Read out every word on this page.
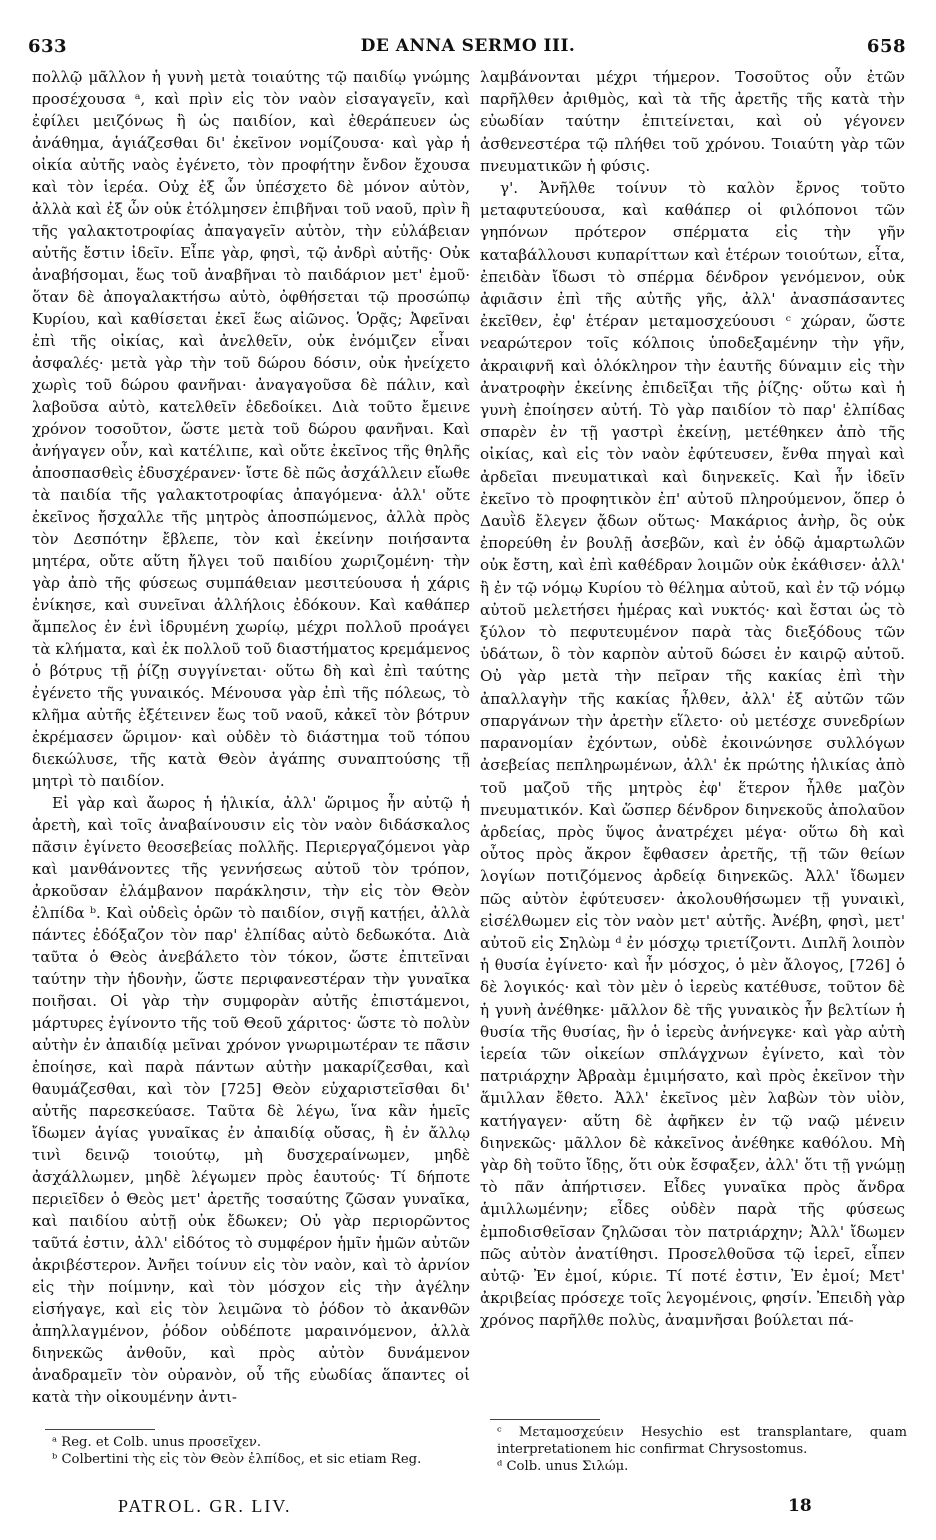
633	DE ANNA SERMO III.	658

πολλῷ μᾶλλον ἡ γυνὴ μετὰ τοιαύτης τῷ παιδίῳ γνώμης προσέχουσα ᵃ, καὶ πρὶν εἰς τὸν ναὸν εἰσαγαγεῖν, καὶ ἐφίλει μειζόνως ἢ ὡς παιδίον, καὶ ἐθεράπευεν ὡς ἀνάθημα, ἁγιάζεσθαι δι' ἐκεῖνον νομίζουσα· καὶ γὰρ ἡ οἰκία αὐτῆς ναὸς ἐγένετο, τὸν προφήτην ἔνδον ἔχουσα καὶ τὸν ἱερέα. Οὐχ ἐξ ὧν ὑπέσχετο δὲ μόνον αὐτὸν, ἀλλὰ καὶ ἐξ ὧν οὐκ ἐτόλμησεν ἐπιβῆναι τοῦ ναοῦ, πρὶν ἢ τῆς γαλακτοτροφίας ἀπαγαγεῖν αὐτὸν, τὴν εὐλάβειαν αὐτῆς ἔστιν ἰδεῖν. Εἶπε γὰρ, φησὶ, τῷ ἀνδρὶ αὐτῆς· Οὐκ ἀναβήσομαι, ἕως τοῦ ἀναβῆναι τὸ παιδάριον μετ' ἐμοῦ· ὅταν δὲ ἀπογαλακτήσω αὐτὸ, ὀφθήσεται τῷ προσώπῳ Κυρίου, καὶ καθίσεται ἐκεῖ ἕως αἰῶνος. Ὁρᾷς; Ἀφεῖναι ἐπὶ τῆς οἰκίας, καὶ ἀνελθεῖν, οὐκ ἐνόμιζεν εἶναι ἀσφαλές· μετὰ γὰρ τὴν τοῦ δώρου δόσιν, οὐκ ἠνείχετο χωρὶς τοῦ δώρου φανῆναι· ἀναγαγοῦσα δὲ πάλιν, καὶ λαβοῦσα αὐτὸ, κατελθεῖν ἐδεδοίκει. Διὰ τοῦτο ἔμεινε χρόνον τοσοῦτον, ὥστε μετὰ τοῦ δώρου φανῆναι. Καὶ ἀνήγαγεν οὖν, καὶ κατέλιπε, καὶ οὔτε ἐκεῖνος τῆς θηλῆς ἀποσπασθεὶς ἐδυσχέρανεν· ἴστε δὲ πῶς ἀσχάλλειν εἴωθε τὰ παιδία τῆς γαλακτοτροφίας ἀπαγόμενα· ἀλλ' οὔτε ἐκεῖνος ἤσχαλλε τῆς μητρὸς ἀποσπώμενος, ἀλλὰ πρὸς τὸν Δεσπότην ἔβλεπε, τὸν καὶ ἐκείνην ποιήσαντα μητέρα, οὔτε αὕτη ἤλγει τοῦ παιδίου χωριζομένη· τὴν γὰρ ἀπὸ τῆς φύσεως συμπάθειαν μεσιτεύουσα ἡ χάρις ἐνίκησε, καὶ συνεῖναι ἀλλήλοις ἐδόκουν. Καὶ καθάπερ ἄμπελος ἐν ἑνὶ ἱδρυμένη χωρίῳ, μέχρι πολλοῦ προάγει τὰ κλήματα, καὶ ἐκ πολλοῦ τοῦ διαστήματος κρεμάμενος ὁ βότρυς τῇ ῥίζῃ συγγίνεται· οὕτω δὴ καὶ ἐπὶ ταύτης ἐγένετο τῆς γυναικός. Μένουσα γὰρ ἐπὶ τῆς πόλεως, τὸ κλῆμα αὐτῆς ἐξέτεινεν ἕως τοῦ ναοῦ, κἀκεῖ τὸν βότρυν ἐκρέμασεν ὥριμον· καὶ οὐδὲν τὸ διάστημα τοῦ τόπου διεκώλυσε, τῆς κατὰ Θεὸν ἀγάπης συναπτούσης τῇ μητρὶ τὸ παιδίον.

Εἰ γὰρ καὶ ἄωρος ἡ ἡλικία, ἀλλ' ὥριμος ἦν αὐτῷ ἡ ἀρετὴ, καὶ τοῖς ἀναβαίνουσιν εἰς τὸν ναὸν διδάσκαλος πᾶσιν ἐγίνετο θεοσεβείας πολλῆς. Περιεργαζόμενοι γὰρ καὶ μανθάνοντες τῆς γεννήσεως αὐτοῦ τὸν τρόπον, ἀρκοῦσαν ἐλάμβανον παράκλησιν, τὴν εἰς τὸν Θεὸν ἐλπίδα ᵇ. Καὶ οὐδεὶς ὁρῶν τὸ παιδίον, σιγῇ κατῄει, ἀλλὰ πάντες ἐδόξαζον τὸν παρ' ἐλπίδας αὐτὸ δεδωκότα. Διὰ ταῦτα ὁ Θεὸς ἀνεβάλετο τὸν τόκον, ὥστε ἐπιτεῖναι ταύτην τὴν ἡδονὴν, ὥστε περιφανεστέραν τὴν γυναῖκα ποιῆσαι. Οἱ γὰρ τὴν συμφορὰν αὐτῆς ἐπιστάμενοι, μάρτυρες ἐγίνοντο τῆς τοῦ Θεοῦ χάριτος· ὥστε τὸ πολὺν αὐτὴν ἐν ἀπαιδίᾳ μεῖναι χρόνον γνωριμωτέραν τε πᾶσιν ἐποίησε, καὶ παρὰ πάντων αὐτὴν μακαρίζεσθαι, καὶ θαυμάζεσθαι, καὶ τὸν [725] Θεὸν εὐχαριστεῖσθαι δι' αὐτῆς παρεσκεύασε. Ταῦτα δὲ λέγω, ἵνα κἂν ἡμεῖς ἴδωμεν ἁγίας γυναῖκας ἐν ἀπαιδίᾳ οὔσας, ἢ ἐν ἄλλῳ τινὶ δεινῷ τοιούτῳ, μὴ δυσχεραίνωμεν, μηδὲ ἀσχάλλωμεν, μηδὲ λέγωμεν πρὸς ἑαυτούς· Τί δήποτε περιεῖδεν ὁ Θεὸς μετ' ἀρετῆς τοσαύτης ζῶσαν γυναῖκα, καὶ παιδίου αὐτῇ οὐκ ἔδωκεν; Οὐ γὰρ περιορῶντος ταῦτά ἐστιν, ἀλλ' εἰδότος τὸ συμφέρον ἡμῖν ἡμῶν αὐτῶν ἀκριβέστερον. Ἀνῆει τοίνυν εἰς τὸν ναὸν, καὶ τὸ ἀρνίον εἰς τὴν ποίμνην, καὶ τὸν μόσχον εἰς τὴν ἀγέλην εἰσήγαγε, καὶ εἰς τὸν λειμῶνα τὸ ῥόδον τὸ ἀκανθῶν ἀπηλλαγμένον, ῥόδον οὐδέποτε μαραινόμενον, ἀλλὰ διηνεκῶς ἀνθοῦν, καὶ πρὸς αὐτὸν δυνάμενον ἀναδραμεῖν τὸν οὐρανὸν, οὗ τῆς εὐωδίας ἅπαντες οἱ κατὰ τὴν οἰκουμένην ἀντι-

λαμβάνονται μέχρι τήμερον. Τοσοῦτος οὖν ἐτῶν παρῆλθεν ἀριθμὸς, καὶ τὰ τῆς ἀρετῆς τῆς κατὰ τὴν εὐωδίαν ταύτην ἐπιτείνεται, καὶ οὐ γέγονεν ἀσθενεστέρα τῷ πλήθει τοῦ χρόνου. Τοιαύτη γὰρ τῶν πνευματικῶν ἡ φύσις.

γ'. Ἀνῆλθε τοίνυν τὸ καλὸν ἔρνος τοῦτο μεταφυτεύουσα, καὶ καθάπερ οἱ φιλόπονοι τῶν γηπόνων πρότερον σπέρματα εἰς τὴν γῆν καταβάλλουσι κυπαρίττων καὶ ἑτέρων τοιούτων, εἶτα, ἐπειδὰν ἴδωσι τὸ σπέρμα δένδρον γενόμενον, οὐκ ἀφιᾶσιν ἐπὶ τῆς αὐτῆς γῆς, ἀλλ' ἀνασπάσαντες ἐκεῖθεν, ἐφ' ἑτέραν μεταμοσχεύουσι ᶜ χώραν, ὥστε νεαρώτερον τοῖς κόλποις ὑποδεξαμένην τὴν γῆν, ἀκραιφνῆ καὶ ὁλόκληρον τὴν ἑαυτῆς δύναμιν εἰς τὴν ἀνατροφὴν ἐκείνης ἐπιδεῖξαι τῆς ῥίζης· οὕτω καὶ ἡ γυνὴ ἐποίησεν αὐτή. Τὸ γὰρ παιδίον τὸ παρ' ἐλπίδας σπαρὲν ἐν τῇ γαστρὶ ἐκείνῃ, μετέθηκεν ἀπὸ τῆς οἰκίας, καὶ εἰς τὸν ναὸν ἐφύτευσεν, ἔνθα πηγαὶ καὶ ἀρδεῖαι πνευματικαὶ καὶ διηνεκεῖς. Καὶ ἦν ἰδεῖν ἐκεῖνο τὸ προφητικὸν ἐπ' αὐτοῦ πληρούμενον, ὅπερ ὁ Δαυῒδ ἔλεγεν ᾄδων οὕτως· Μακάριος ἀνὴρ, ὃς οὐκ ἐπορεύθη ἐν βουλῇ ἀσεβῶν, καὶ ἐν ὁδῷ ἁμαρτωλῶν οὐκ ἔστη, καὶ ἐπὶ καθέδραν λοιμῶν οὐκ ἐκάθισεν· ἀλλ' ἢ ἐν τῷ νόμῳ Κυρίου τὸ θέλημα αὐτοῦ, καὶ ἐν τῷ νόμῳ αὐτοῦ μελετήσει ἡμέρας καὶ νυκτός· καὶ ἔσται ὡς τὸ ξύλον τὸ πεφυτευμένον παρὰ τὰς διεξόδους τῶν ὑδάτων, ὃ τὸν καρπὸν αὐτοῦ δώσει ἐν καιρῷ αὐτοῦ. Οὐ γὰρ μετὰ τὴν πεῖραν τῆς κακίας ἐπὶ τὴν ἀπαλλαγὴν τῆς κακίας ἦλθεν, ἀλλ' ἐξ αὐτῶν τῶν σπαργάνων τὴν ἀρετὴν εἵλετο· οὐ μετέσχε συνεδρίων παρανομίαν ἐχόντων, οὐδὲ ἐκοινώνησε συλλόγων ἀσεβείας πεπληρωμένων, ἀλλ' ἐκ πρώτης ἡλικίας ἀπὸ τοῦ μαζοῦ τῆς μητρὸς ἐφ' ἕτερον ἦλθε μαζὸν πνευματικόν. Καὶ ὥσπερ δένδρον διηνεκοῦς ἀπολαῦον ἀρδείας, πρὸς ὕψος ἀνατρέχει μέγα· οὕτω δὴ καὶ οὗτος πρὸς ἄκρον ἔφθασεν ἀρετῆς, τῇ τῶν θείων λογίων ποτιζόμενος ἀρδείᾳ διηνεκῶς. Ἀλλ' ἴδωμεν πῶς αὐτὸν ἐφύτευσεν· ἀκολουθήσωμεν τῇ γυναικὶ, εἰσέλθωμεν εἰς τὸν ναὸν μετ' αὐτῆς. Ἀνέβη, φησὶ, μετ' αὐτοῦ εἰς Σηλὼμ ᵈ ἐν μόσχῳ τριετίζοντι. Διπλῆ λοιπὸν ἡ θυσία ἐγίνετο· καὶ ἦν μόσχος, ὁ μὲν ἄλογος, [726] ὁ δὲ λογικός· καὶ τὸν μὲν ὁ ἱερεὺς κατέθυσε, τοῦτον δὲ ἡ γυνὴ ἀνέθηκε· μᾶλλον δὲ τῆς γυναικὸς ἦν βελτίων ἡ θυσία τῆς θυσίας, ἣν ὁ ἱερεὺς ἀνήνεγκε· καὶ γὰρ αὐτὴ ἱερεία τῶν οἰκείων σπλάγχνων ἐγίνετο, καὶ τὸν πατριάρχην Ἀβραὰμ ἐμιμήσατο, καὶ πρὸς ἐκεῖνον τὴν ἅμιλλαν ἔθετο. Ἀλλ' ἐκεῖνος μὲν λαβὼν τὸν υἱὸν, κατήγαγεν· αὕτη δὲ ἀφῆκεν ἐν τῷ ναῷ μένειν διηνεκῶς· μᾶλλον δὲ κἀκεῖνος ἀνέθηκε καθόλου. Μὴ γὰρ δὴ τοῦτο ἴδῃς, ὅτι οὐκ ἔσφαξεν, ἀλλ' ὅτι τῇ γνώμῃ τὸ πᾶν ἀπήρτισεν. Εἶδες γυναῖκα πρὸς ἄνδρα ἁμιλλωμένην; εἶδες οὐδὲν παρὰ τῆς φύσεως ἐμποδισθεῖσαν ζηλῶσαι τὸν πατριάρχην; Ἀλλ' ἴδωμεν πῶς αὐτὸν ἀνατίθησι. Προσελθοῦσα τῷ ἱερεῖ, εἶπεν αὐτῷ· Ἐν ἐμοί, κύριε. Τί ποτέ ἐστιν, Ἐν ἐμοί; Μετ' ἀκριβείας πρόσεχε τοῖς λεγομένοις, φησίν. Ἐπειδὴ γὰρ χρόνος παρῆλθε πολὺς, ἀναμνῆσαι βούλεται πά-

ᵃ Reg. et Colb. unus προσεῖχεν.
ᵇ Colbertini τὴς εἰς τὸν Θεὸν ἐλπίδος, et sic etiam Reg.
ᶜ Μεταμοσχεύειν Hesychio est transplantare, quam interpretationem hic confirmat Chrysostomus.
ᵈ Colb. unus Σιλώμ.
PATROL. GR. LIV.	18
